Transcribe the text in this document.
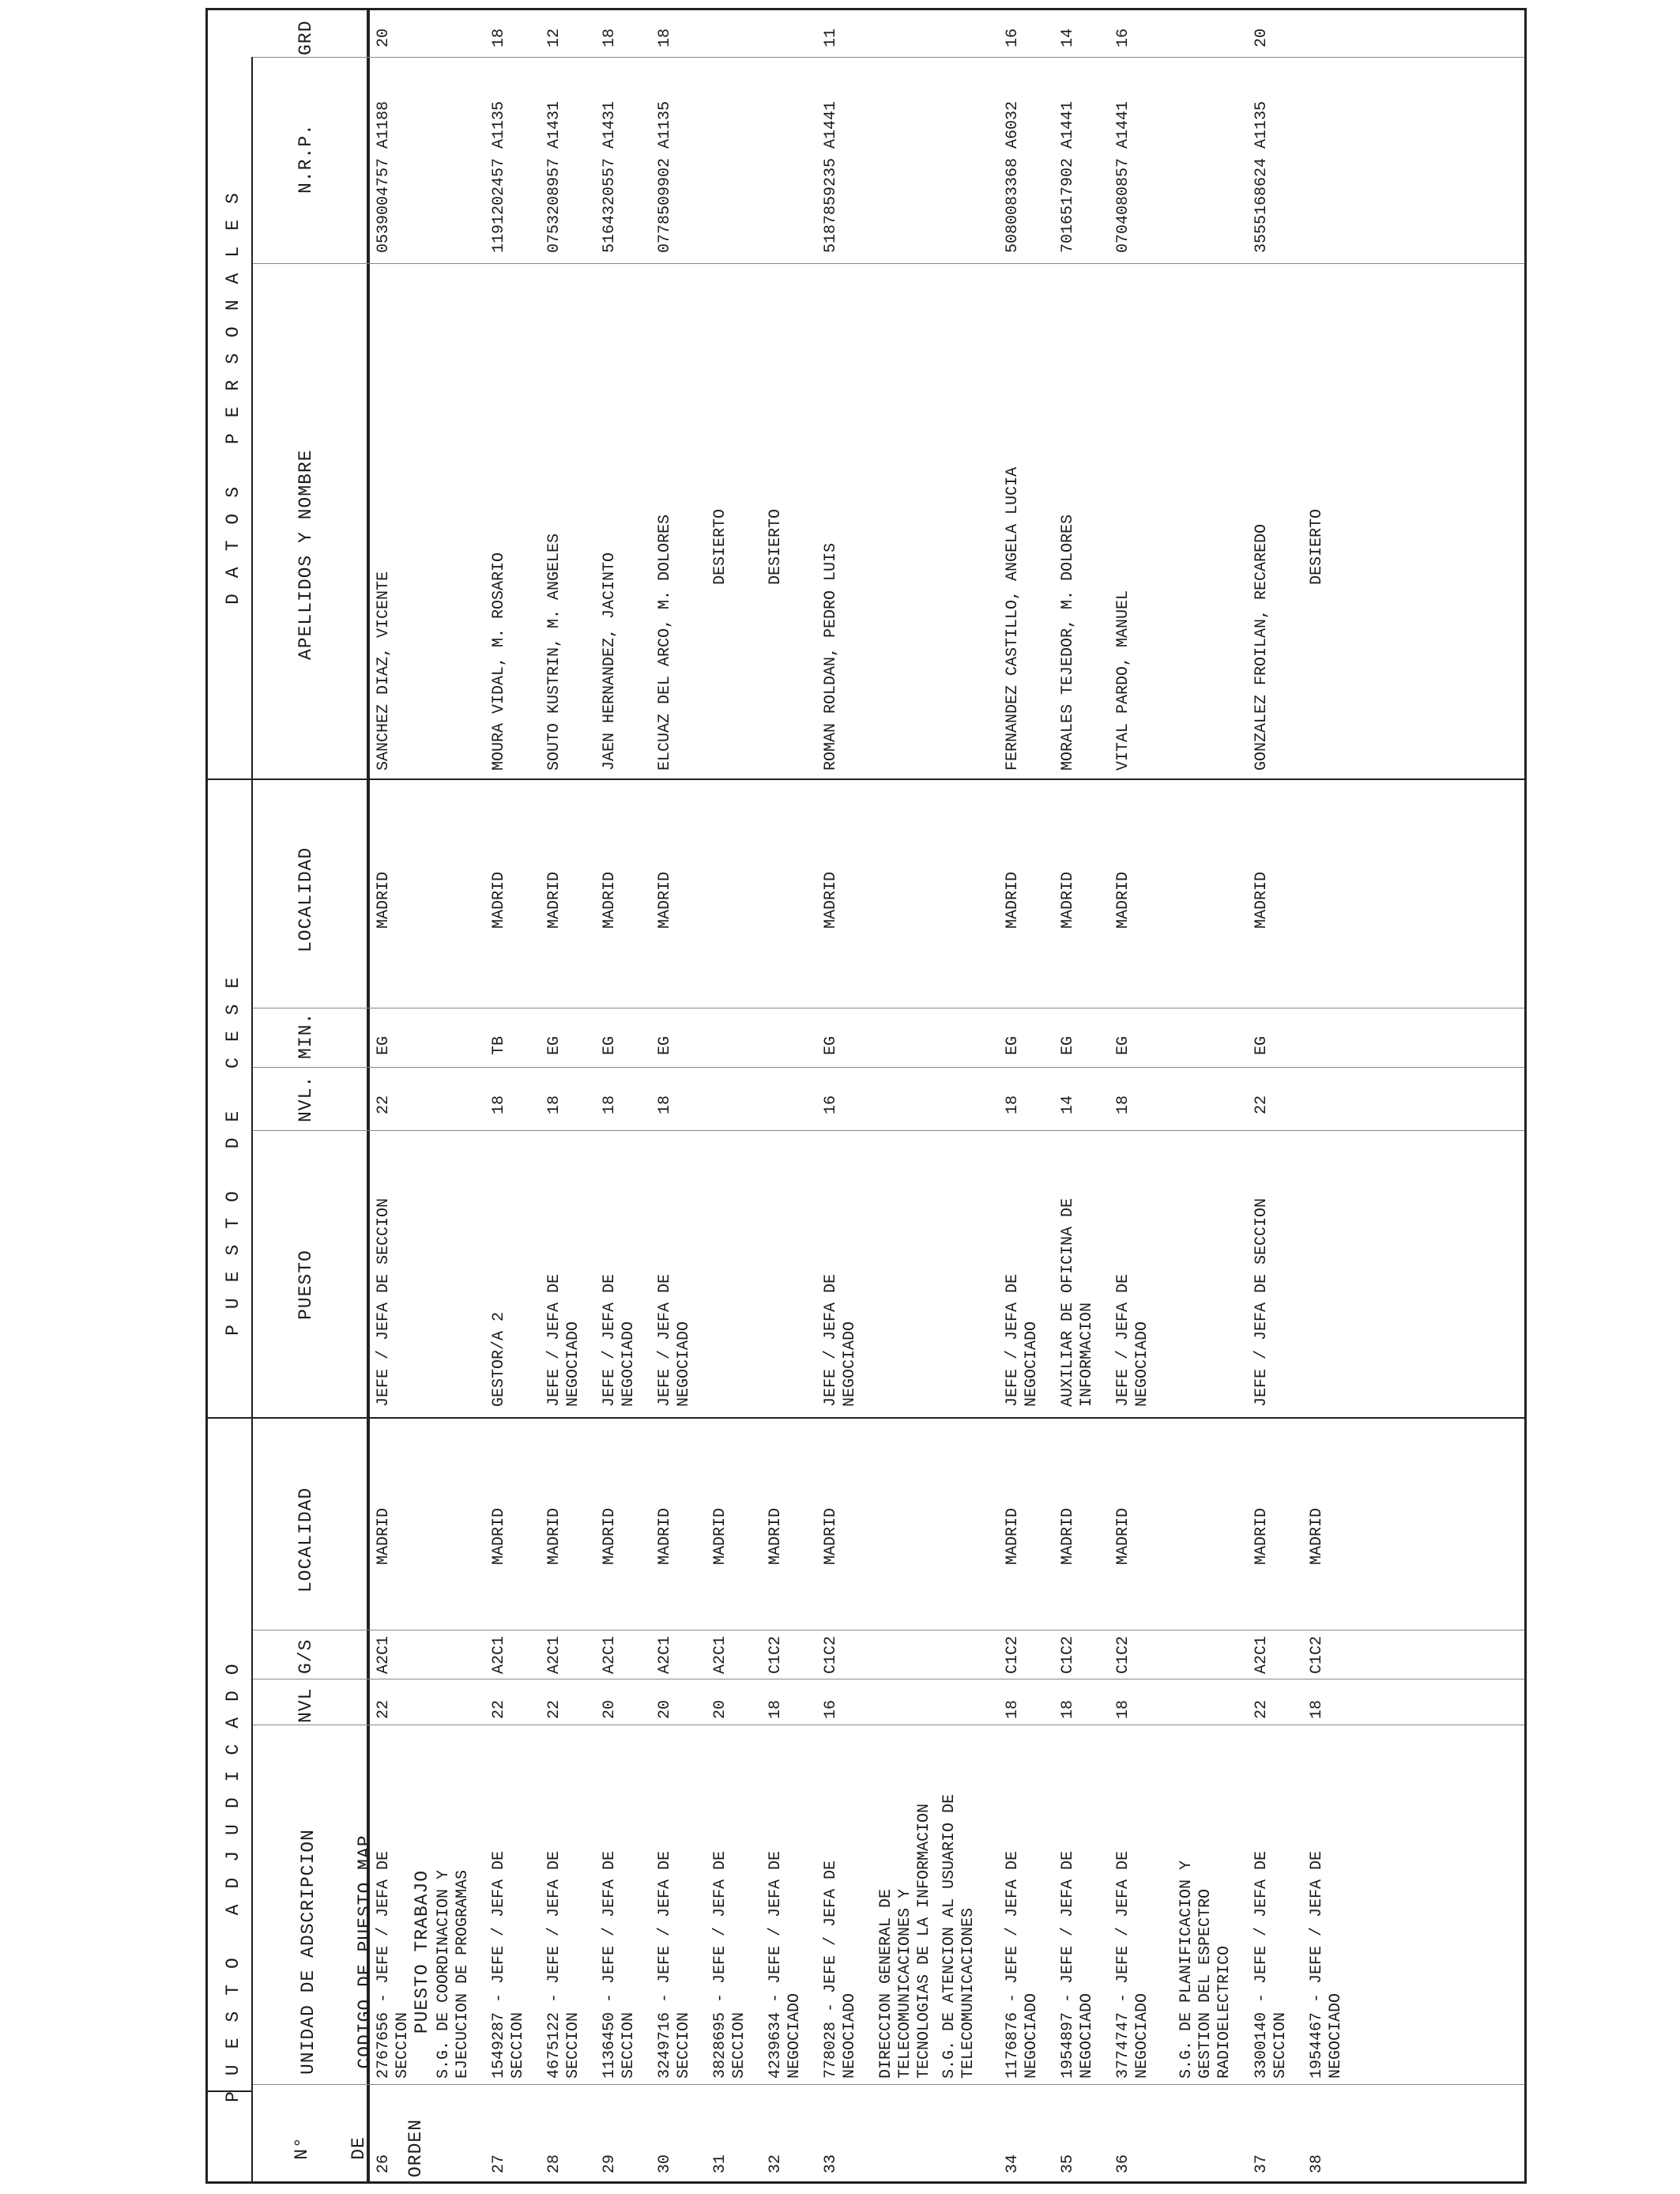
PUESTO ADJUDICADO
PUESTO DE CESE
DATOS PERSONALES

N°

DE

ORDEN

UNIDAD DE ADSCRIPCION

CODIGO DE PUESTO MAP

PUESTO TRABAJO

NVL
G/S
LOCALIDAD
PUESTO
NVL.
MIN.
LOCALIDAD
APELLIDOS Y NOMBRE
N.R.P.
GRD
26
2767656 - JEFE / JEFA DE SECCION
22
A2C1
MADRID
JEFE / JEFA DE SECCION
22
EG
MADRID
SANCHEZ DIAZ, VICENTE
0539004757 A1188
20
S.G. DE COORDINACION Y EJECUCION DE PROGRAMAS
27
1549287 - JEFE / JEFA DE SECCION
22
A2C1
MADRID
GESTOR/A 2
18
TB
MADRID
MOURA VIDAL, M. ROSARIO
1191202457 A1135
18
28
4675122 - JEFE / JEFA DE SECCION
22
A2C1
MADRID
JEFE / JEFA DE NEGOCIADO
18
EG
MADRID
SOUTO KUSTRIN, M. ANGELES
0753208957 A1431
12
29
1136450 - JEFE / JEFA DE SECCION
20
A2C1
MADRID
JEFE / JEFA DE NEGOCIADO
18
EG
MADRID
JAEN HERNANDEZ, JACINTO
5164320557 A1431
18
30
3249716 - JEFE / JEFA DE SECCION
20
A2C1
MADRID
JEFE / JEFA DE NEGOCIADO
18
EG
MADRID
ELCUAZ DEL ARCO, M. DOLORES
0778509902 A1135
18
31
3828695 - JEFE / JEFA DE SECCION
20
A2C1
MADRID
DESIERTO
32
4239634 - JEFE / JEFA DE NEGOCIADO
18
C1C2
MADRID
DESIERTO
33
778028 - JEFE / JEFA DE NEGOCIADO
16
C1C2
MADRID
JEFE / JEFA DE NEGOCIADO
16
EG
MADRID
ROMAN ROLDAN, PEDRO LUIS
5187859235 A1441
11
DIRECCION GENERAL DE TELECOMUNICACIONES Y TECNOLOGIAS DE LA INFORMACION S.G. DE ATENCION AL USUARIO DE TELECOMUNICACIONES
34
1176876 - JEFE / JEFA DE NEGOCIADO
18
C1C2
MADRID
JEFE / JEFA DE NEGOCIADO
18
EG
MADRID
FERNANDEZ CASTILLO, ANGELA LUCIA
5080083368 A6032
16
35
1954897 - JEFE / JEFA DE NEGOCIADO
18
C1C2
MADRID
AUXILIAR DE OFICINA DE INFORMACION
14
EG
MADRID
MORALES TEJEDOR, M. DOLORES
7016517902 A1441
14
36
3774747 - JEFE / JEFA DE NEGOCIADO
18
C1C2
MADRID
JEFE / JEFA DE NEGOCIADO
18
EG
MADRID
VITAL PARDO, MANUEL
0704080857 A1441
16
S.G. DE PLANIFICACION Y GESTION DEL ESPECTRO RADIOELECTRICO
37
3300140 - JEFE / JEFA DE SECCION
22
A2C1
MADRID
JEFE / JEFA DE SECCION
22
EG
MADRID
GONZALEZ FROILAN, RECAREDO
3555168624 A1135
20
38
1954467 - JEFE / JEFA DE NEGOCIADO
18
C1C2
MADRID
DESIERTO
